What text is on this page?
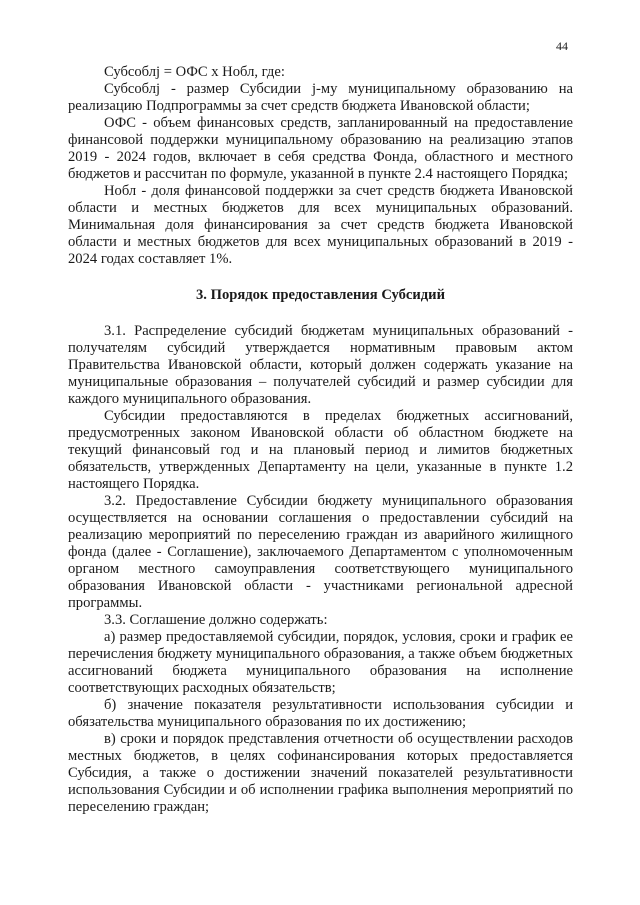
44

Субсоблj = ОФС х Нобл, где:

Субсоблj - размер Субсидии j-му муниципальному образованию на реализацию Подпрограммы за счет средств бюджета Ивановской области;

ОФС - объем финансовых средств, запланированный на предоставление финансовой поддержки муниципальному образованию на реализацию этапов 2019 - 2024 годов, включает в себя средства Фонда, областного и местного бюджетов и рассчитан по формуле, указанной в пункте 2.4 настоящего Порядка;

Нобл - доля финансовой поддержки за счет средств бюджета Ивановской области и местных бюджетов для всех муниципальных образований. Минимальная доля финансирования за счет средств бюджета Ивановской области и местных бюджетов для всех муниципальных образований в 2019 - 2024 годах составляет 1%.

3. Порядок предоставления Субсидий

3.1. Распределение субсидий бюджетам муниципальных образований - получателям субсидий утверждается нормативным правовым актом Правительства Ивановской области, который должен содержать указание на муниципальные образования – получателей субсидий и размер субсидии для каждого муниципального образования.

Субсидии предоставляются в пределах бюджетных ассигнований, предусмотренных законом Ивановской области об областном бюджете на текущий финансовый год и на плановый период и лимитов бюджетных обязательств, утвержденных Департаменту на цели, указанные в пункте 1.2 настоящего Порядка.

3.2. Предоставление Субсидии бюджету муниципального образования осуществляется на основании соглашения о предоставлении субсидий на реализацию мероприятий по переселению граждан из аварийного жилищного фонда (далее - Соглашение), заключаемого Департаментом с уполномоченным органом местного самоуправления соответствующего муниципального образования Ивановской области - участниками региональной адресной программы.

3.3. Соглашение должно содержать:

а) размер предоставляемой субсидии, порядок, условия, сроки и график ее перечисления бюджету муниципального образования, а также объем бюджетных ассигнований бюджета муниципального образования на исполнение соответствующих расходных обязательств;

б) значение показателя результативности использования субсидии и обязательства муниципального образования по их достижению;

в) сроки и порядок представления отчетности об осуществлении расходов местных бюджетов, в целях софинансирования которых предоставляется Субсидия, а также о достижении значений показателей результативности использования Субсидии и об исполнении графика выполнения мероприятий по переселению граждан;
